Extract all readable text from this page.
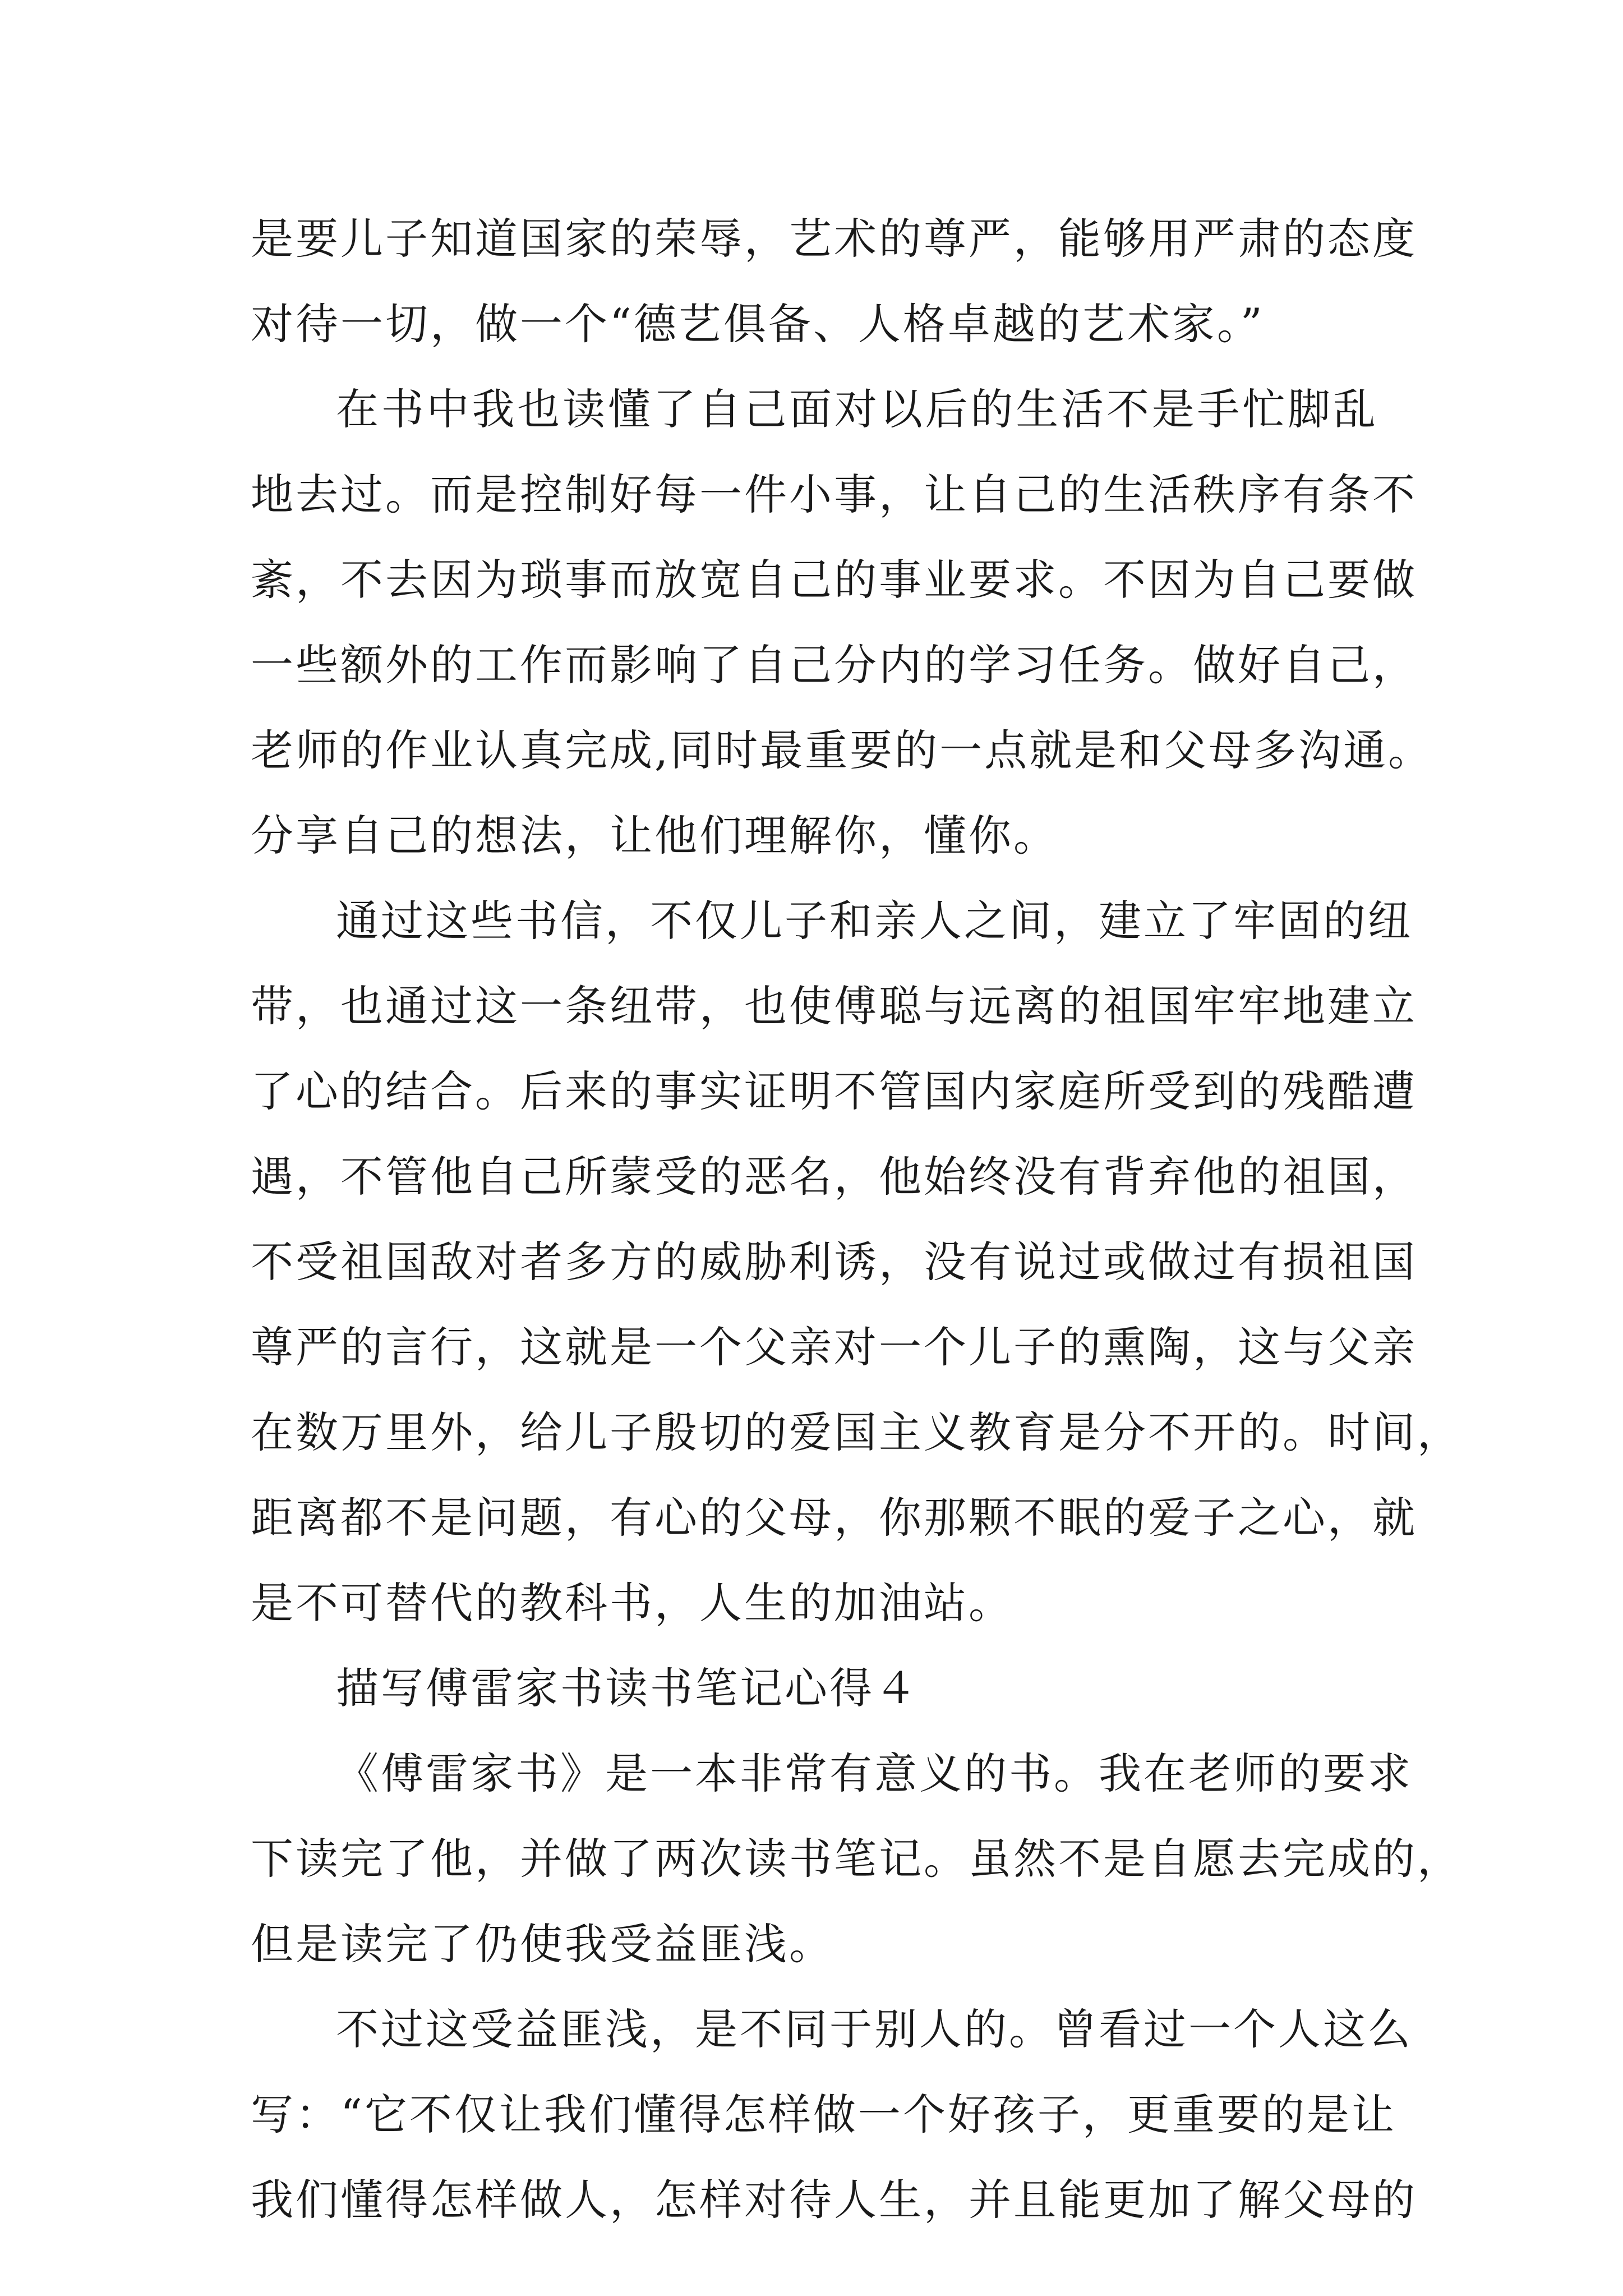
是要儿子知道国家的荣辱，艺术的尊严，能够用严肃的态度
对待一切，做一个“德艺俱备、人格卓越的艺术家。”
在书中我也读懂了自己面对以后的生活不是手忙脚乱
地去过。而是控制好每一件小事，让自己的生活秩序有条不
紊，不去因为琐事而放宽自己的事业要求。不因为自己要做
一些额外的工作而影响了自己分内的学习任务。做好自己，
老师的作业认真完成,同时最重要的一点就是和父母多沟通。
分享自己的想法，让他们理解你，懂你。
通过这些书信，不仅儿子和亲人之间，建立了牢固的纽
带，也通过这一条纽带，也使傅聪与远离的祖国牢牢地建立
了心的结合。后来的事实证明不管国内家庭所受到的残酷遭
遇，不管他自己所蒙受的恶名，他始终没有背弃他的祖国，
不受祖国敌对者多方的威胁利诱，没有说过或做过有损祖国
尊严的言行，这就是一个父亲对一个儿子的熏陶，这与父亲
在数万里外，给儿子殷切的爱国主义教育是分不开的。时间，
距离都不是问题，有心的父母，你那颗不眠的爱子之心，就
是不可替代的教科书，人生的加油站。
描写傅雷家书读书笔记心得４
《傅雷家书》是一本非常有意义的书。我在老师的要求
下读完了他，并做了两次读书笔记。虽然不是自愿去完成的，
但是读完了仍使我受益匪浅。
不过这受益匪浅，是不同于别人的。曾看过一个人这么
写：“它不仅让我们懂得怎样做一个好孩子，更重要的是让
我们懂得怎样做人，怎样对待人生，并且能更加了解父母的
